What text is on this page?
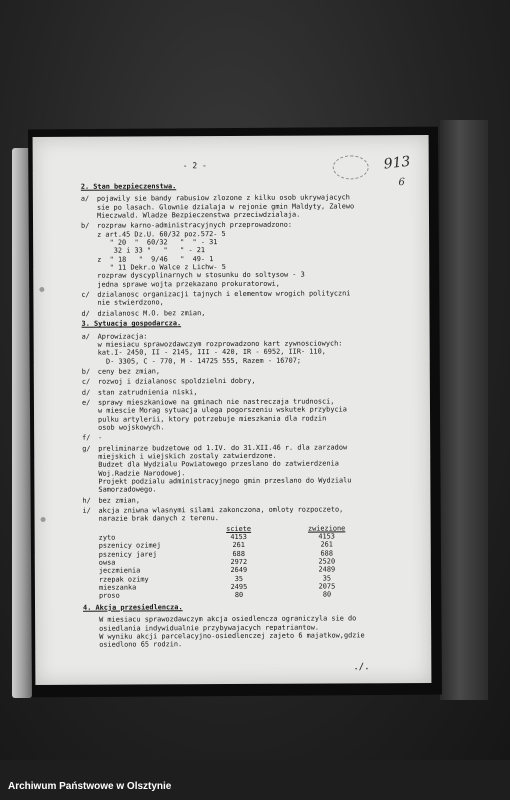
- 2 -	913
6
2. Stan bezpieczenstwa.
a/	pojawily sie bandy rabusiow zlozone z kilku osob ukrywajacych
sie po lasach. Glownie dzialaja w rejonie gmin Maldyty, Zalewo
Mieczwald. Wladze Bezpieczenstwa przeciwdzialaja.
b/	rozpraw karno-administracyjnych przeprowadzono:
z art.45 Dz.U. 60/32 poz.572- 5
" 20  "  60/32   "  " - 31
32 i 33 "   "   " - 21
z  " 18   "  9/46   "  49- 1
" 11 Dekr.o Walce z Lichw- 5
rozpraw dyscyplinarnych w stosunku do soltysow - 3
jedna sprawe wojta przekazano prokuratorowi,
c/	dzialanosc organizacji tajnych i elementow wrogich polityczni
nie stwierdzono,
d/	dzialanosc M.O. bez zmian,
3. Sytuacja gospodarcza.
a/	Aprowizacja:
w miesiacu sprawozdawczym rozprowadzono kart zywnosciowych:
kat.I- 2450, II - 2145, III - 420, IR - 6952, IIR- 110,
D- 3305, C - 770, M - 14725 555, Razem - 16707;
b/	ceny bez zmian,
c/	rozwoj i dzialanosc spoldzielni dobry,
d/	stan zatrudnienia niski,
e/	sprawy mieszkaniowe na gminach nie nastreczaja trudnosci,
w miescie Morag sytuacja ulega pogorszeniu wskutek przybycia
pulku artylerii, ktory potrzebuje mieszkania dla rodzin
osob wojskowych.
f/	-
g/	preliminarze budzetowe od 1.IV. do 31.XII.46 r. dla zarzadow
miejskich i wiejskich zostaly zatwierdzone.
Budzet dla Wydzialu Powiatowego przeslano do zatwierdzenia
Woj.Radzie Narodowej.
Projekt podzialu administracyjnego gmin przeslano do Wydzialu
Samorzadowego.
h/	bez zmian,
i/	akcja zniwna wlasnymi silami zakonczona, omloty rozpoczeto,
narazie brak danych z terenu.
	sciete	zwiezione
zyto	4153	4153
pszenicy ozimej	261	261
pszenicy jarej	688	688
owsa	2972	2520
jeczmienia	2649	2489
rzepak ozimy	35	35
mieszanka	2495	2075
proso	80	80
4. Akcja przesiedlencza.
W miesiacu sprawozdawczym akcja osiedlencza ograniczyla sie do
osiedlania indywidualnie przybywajacych repatriantow.
W wyniku akcji parcelacyjno-osiedlenczej zajeto 6 majatkow,gdzie
osiedlono 65 rodzin.
./.
Archiwum Państwowe w Olsztynie
